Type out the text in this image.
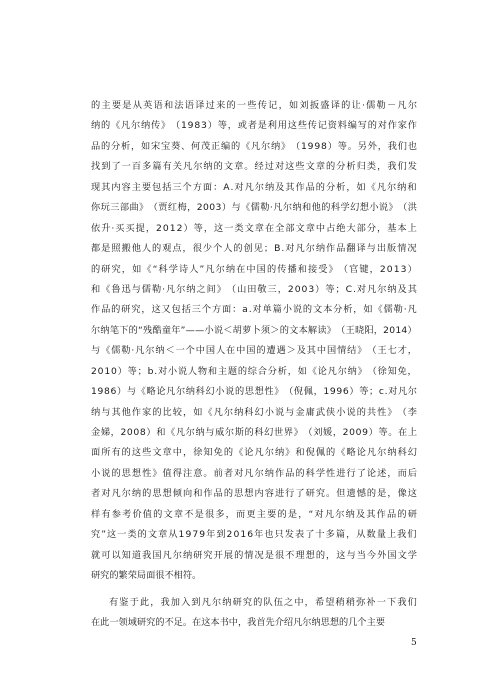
的 主 要 是 从 英 语 和 法 语 译 过 来 的 一 些 传 记 ， 如 刘 扳 盛 译 的 让 · 儒 勒 － 凡 尔
纳 的 《 凡 尔 纳 传 》 （ 1 9 8 3 ） 等 ， 或 者 是 利 用 这 些 传 记 资 料 编 写 的 对 作 家 作
品 的 分 析 ， 如 宋 宝 葵 、 何 茂 正 编 的 《 凡 尔 纳 》 （ 1 9 9 8 ） 等 。 另 外 ， 我 们 也
找 到 了 一 百 多 篇 有 关 凡 尔 纳 的 文 章 。 经 过 对 这 些 文 章 的 分 析 归 类 ， 我 们 发
现 其 内 容 主 要 包 括 三 个 方 面 ： A . 对 凡 尔 纳 及 其 作 品 的 分 析 ， 如 《 凡 尔 纳 和
你 玩 三 部 曲 》 （ 贾 红 梅 ， 2 0 0 3 ） 与 《 儒 勒 · 凡 尔 纳 和 他 的 科 学 幻 想 小 说 》 （ 洪
依 升 · 买 买 提 ， 2 0 1 2 ） 等 ， 这 一 类 文 章 在 全 部 文 章 中 占 绝 大 部 分 ， 基 本 上
都 是 照 搬 他 人 的 观 点 ， 很 少 个 人 的 创 见 ； B . 对 凡 尔 纳 作 品 翻 译 与 出 版 情 况
的 研 究 ， 如 《 “ 科 学 诗 人 ” 凡 尔 纳 在 中 国 的 传 播 和 接 受 》 （ 官 键 ， 2 0 1 3 ）
和 《 鲁 迅 与 儒 勒 · 凡 尔 纳 之 间 》 （ 山 田 敬 三 ， 2 0 0 3 ） 等 ； C . 对 凡 尔 纳 及 其
作 品 的 研 究 ， 这 又 包 括 三 个 方 面 ： a . 对 单 篇 小 说 的 文 本 分 析 ， 如 《 儒 勒 · 凡
尔 纳 笔 下 的 “ 残 酷 童 年 ” — — 小 说 ＜ 胡 萝 卜 须 ＞ 的 文 本 解 读 》 （ 王 晓 阳 ， 2 0 1 4 ）
与 《 儒 勒 · 凡 尔 纳 ＜ 一 个 中 国 人 在 中 国 的 遭 遇 ＞ 及 其 中 国 情 结 》 （ 王 七 才 ，
2 0 1 0 ） 等 ； b . 对 小 说 人 物 和 主 题 的 综 合 分 析 ， 如 《 论 凡 尔 纳 》 （ 徐 知 免 ，
1 9 8 6 ） 与 《 略 论 凡 尔 纳 科 幻 小 说 的 思 想 性 》 （ 倪 佩 ， 1 9 9 6 ） 等 ； c . 对 凡 尔
纳 与 其 他 作 家 的 比 较 ， 如 《 凡 尔 纳 科 幻 小 说 与 金 庸 武 侠 小 说 的 共 性 》 （ 李
金 娣 ， 2 0 0 8 ） 和 《 凡 尔 纳 与 威 尔 斯 的 科 幻 世 界 》 （ 刘 媛 ， 2 0 0 9 ） 等 。 在 上
面 所 有 的 这 些 文 章 中 ， 徐 知 免 的 《 论 凡 尔 纳 》 和 倪 佩 的 《 略 论 凡 尔 纳 科 幻
小 说 的 思 想 性 》 值 得 注 意 。 前 者 对 凡 尔 纳 作 品 的 科 学 性 进 行 了 论 述 ， 而 后
者 对 凡 尔 纳 的 思 想 倾 向 和 作 品 的 思 想 内 容 进 行 了 研 究 。 但 遗 憾 的 是 ， 像 这
样 有 参 考 价 值 的 文 章 不 是 很 多 ， 而 更 主 要 的 是 ， “ 对 凡 尔 纳 及 其 作 品 的 研
究 ” 这 一 类 的 文 章 从 1 9 7 9 年 到 2 0 1 6 年 也 只 发 表 了 十 多 篇 ， 从 数 量 上 我 们
就 可 以 知 道 我 国 凡 尔 纳 研 究 开 展 的 情 况 是 很 不 理 想 的 ， 这 与 当 今 外 国 文 学
研究的繁荣局面很不相符。
有 鉴 于 此 ， 我 加 入 到 凡 尔 纳 研 究 的 队 伍 之 中 ， 希 望 稍 稍 弥 补 一 下 我 们
在此一领域研究的不足。在这本书中，我首先介绍凡尔纳思想的几个主要
5
